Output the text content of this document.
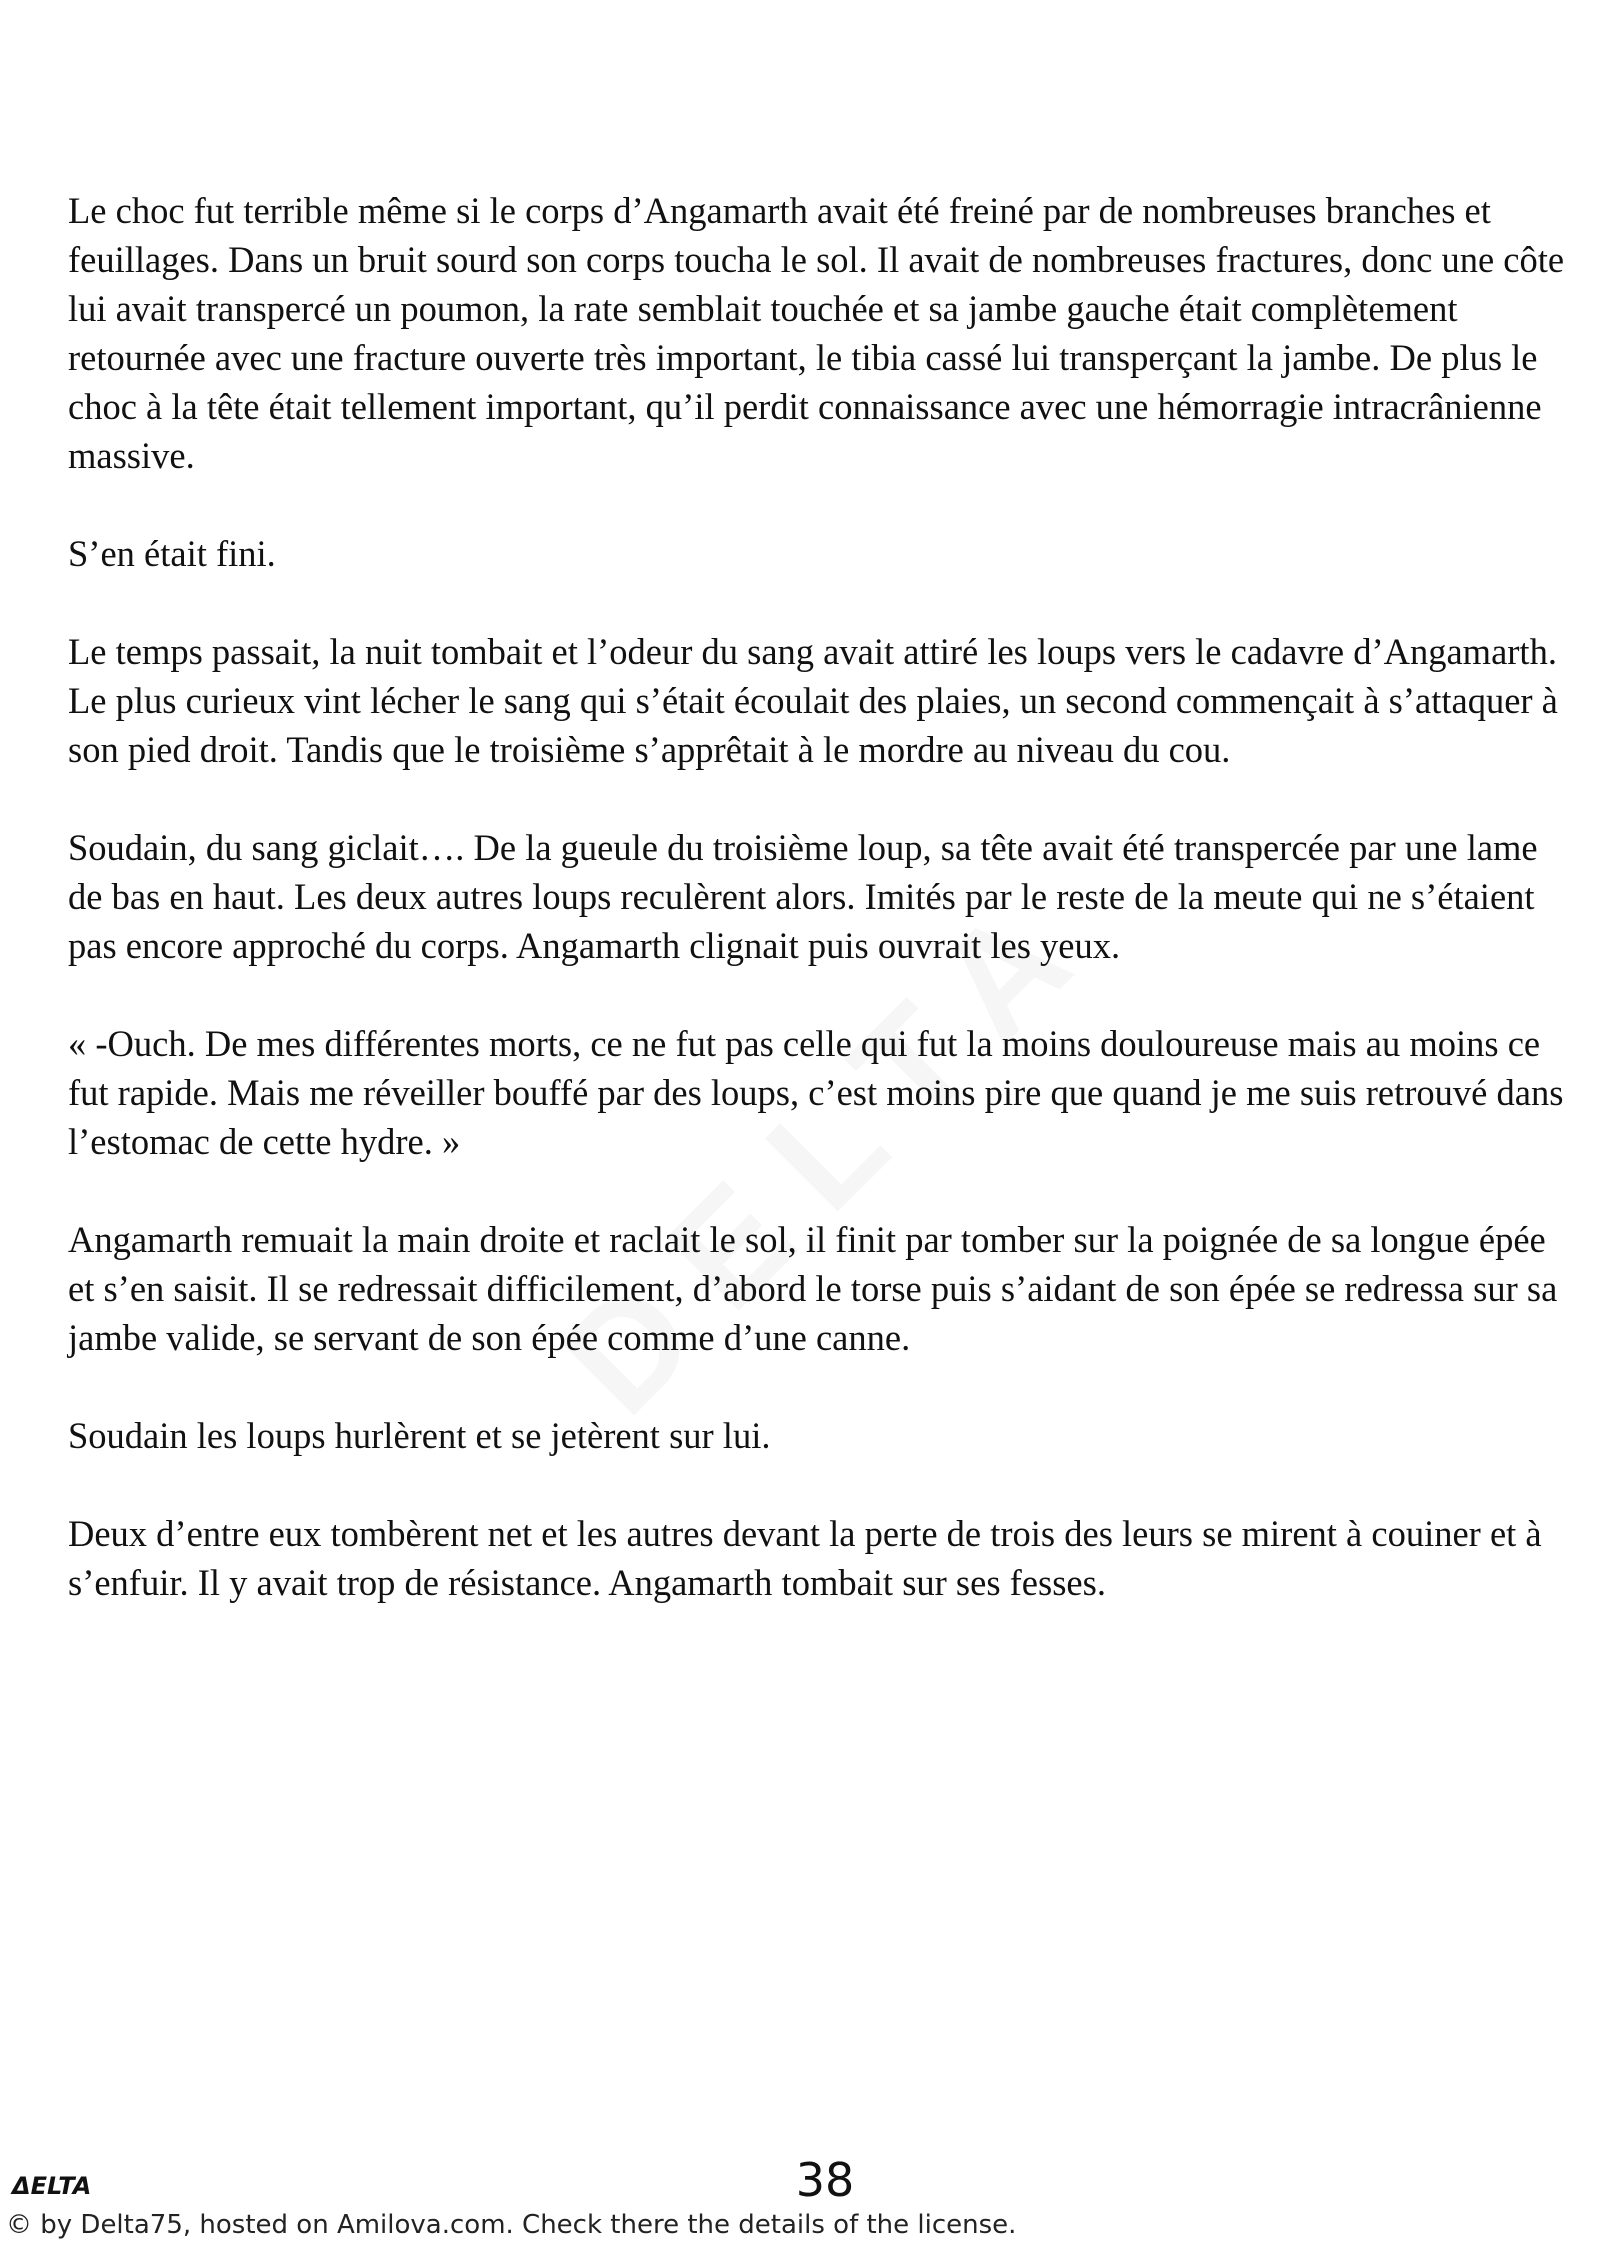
Le choc fut terrible même si le corps d’Angamarth avait été freiné par de nombreuses branches et feuillages. Dans un bruit sourd son corps toucha le sol. Il avait de nombreuses fractures, donc une côte lui avait transpercé un poumon, la rate semblait touchée et sa jambe gauche était complètement retournée avec une fracture ouverte très important, le tibia cassé lui transperçant la jambe. De plus le choc à la tête était tellement important, qu’il perdit connaissance avec une hémorragie intracrânienne massive.

S’en était fini.

Le temps passait, la nuit tombait et l’odeur du sang avait attiré les loups vers le cadavre d’Angamarth. Le plus curieux vint lécher le sang qui s’était écoulait des plaies, un second commençait à s’attaquer à son pied droit. Tandis que le troisième s’apprêtait à le mordre au niveau du cou.

Soudain, du sang giclait…. De la gueule du troisième loup, sa tête avait été transpercée par une lame de bas en haut. Les deux autres loups reculèrent alors. Imités par le reste de la meute qui ne s’étaient pas encore approché du corps. Angamarth clignait puis ouvrait les yeux.

« -Ouch. De mes différentes morts, ce ne fut pas celle qui fut la moins douloureuse mais au moins ce fut rapide. Mais me réveiller bouffé par des loups, c’est moins pire que quand je me suis retrouvé dans l’estomac de cette hydre. »

Angamarth remuait la main droite et raclait le sol, il finit par tomber sur la poignée de sa longue épée et s’en saisit. Il se redressait difficilement, d’abord le torse puis s’aidant de son épée se redressa sur sa jambe valide, se servant de son épée comme d’une canne.

Soudain les loups hurlèrent et se jetèrent sur lui.

Deux d’entre eux tombèrent net et les autres devant la perte de trois des leurs se mirent à couiner et à s’enfuir. Il y avait trop de résistance. Angamarth tombait sur ses fesses.

ΔELTA	38
© by Delta75, hosted on Amilova.com. Check there the details of the license.
